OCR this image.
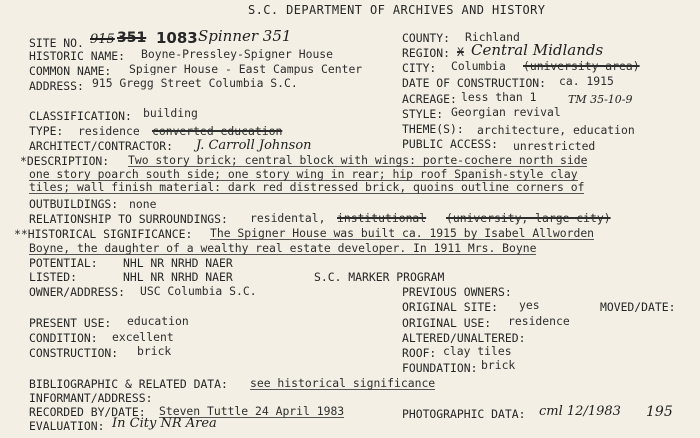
S.C. DEPARTMENT OF ARCHIVES AND HISTORY
SITE NO. 915 351 1083 Spinner 351
HISTORIC NAME: Boyne-Pressley-Spigner House
COMMON NAME: Spigner House - East Campus Center
ADDRESS: 915 Gregg Street Columbia S.C.
COUNTY: Richland
REGION: X Central Midlands
CITY: Columbia (university area)
DATE OF CONSTRUCTION: ca. 1915
ACREAGE: less than 1	TM 35-10-9
STYLE: Georgian revival
CLASSIFICATION: building
TYPE: residence converted education	THEME(S): architecture, education
ARCHITECT/CONTRACTOR: J. Carroll Johnson	PUBLIC ACCESS: unrestricted
*DESCRIPTION: Two story brick; central block with wings: porte-cochere north side
one story poarch south side; one story wing in rear; hip roof Spanish-style clay
tiles; wall finish material: dark red distressed brick, quoins outline corners of
OUTBUILDINGS: none
RELATIONSHIP TO SURROUNDINGS: residental, institutional (university, large city)
**HISTORICAL SIGNIFICANCE: The Spigner House was built ca. 1915 by Isabel Allworden
Boyne, the daughter of a wealthy real estate developer. In 1911 Mrs. Boyne
POTENTIAL: NHL NR NRHD NAER
LISTED:	NHL NR NRHD NAER	S.C. MARKER PROGRAM
OWNER/ADDRESS: USC Columbia S.C.	PREVIOUS OWNERS:
ORIGINAL SITE: yes	MOVED/DATE:
ORIGINAL USE: residence
PRESENT USE: education
CONDITION: excellent	ALTERED/UNALTERED:
CONSTRUCTION: brick	ROOF: clay tiles
FOUNDATION: brick
BIBLIOGRAPHIC & RELATED DATA: see historical significance
INFORMANT/ADDRESS:
RECORDED BY/DATE: Steven Tuttle 24 April 1983	PHOTOGRAPHIC DATA: cml 12/1983 195
EVALUATION: In City NR Area
